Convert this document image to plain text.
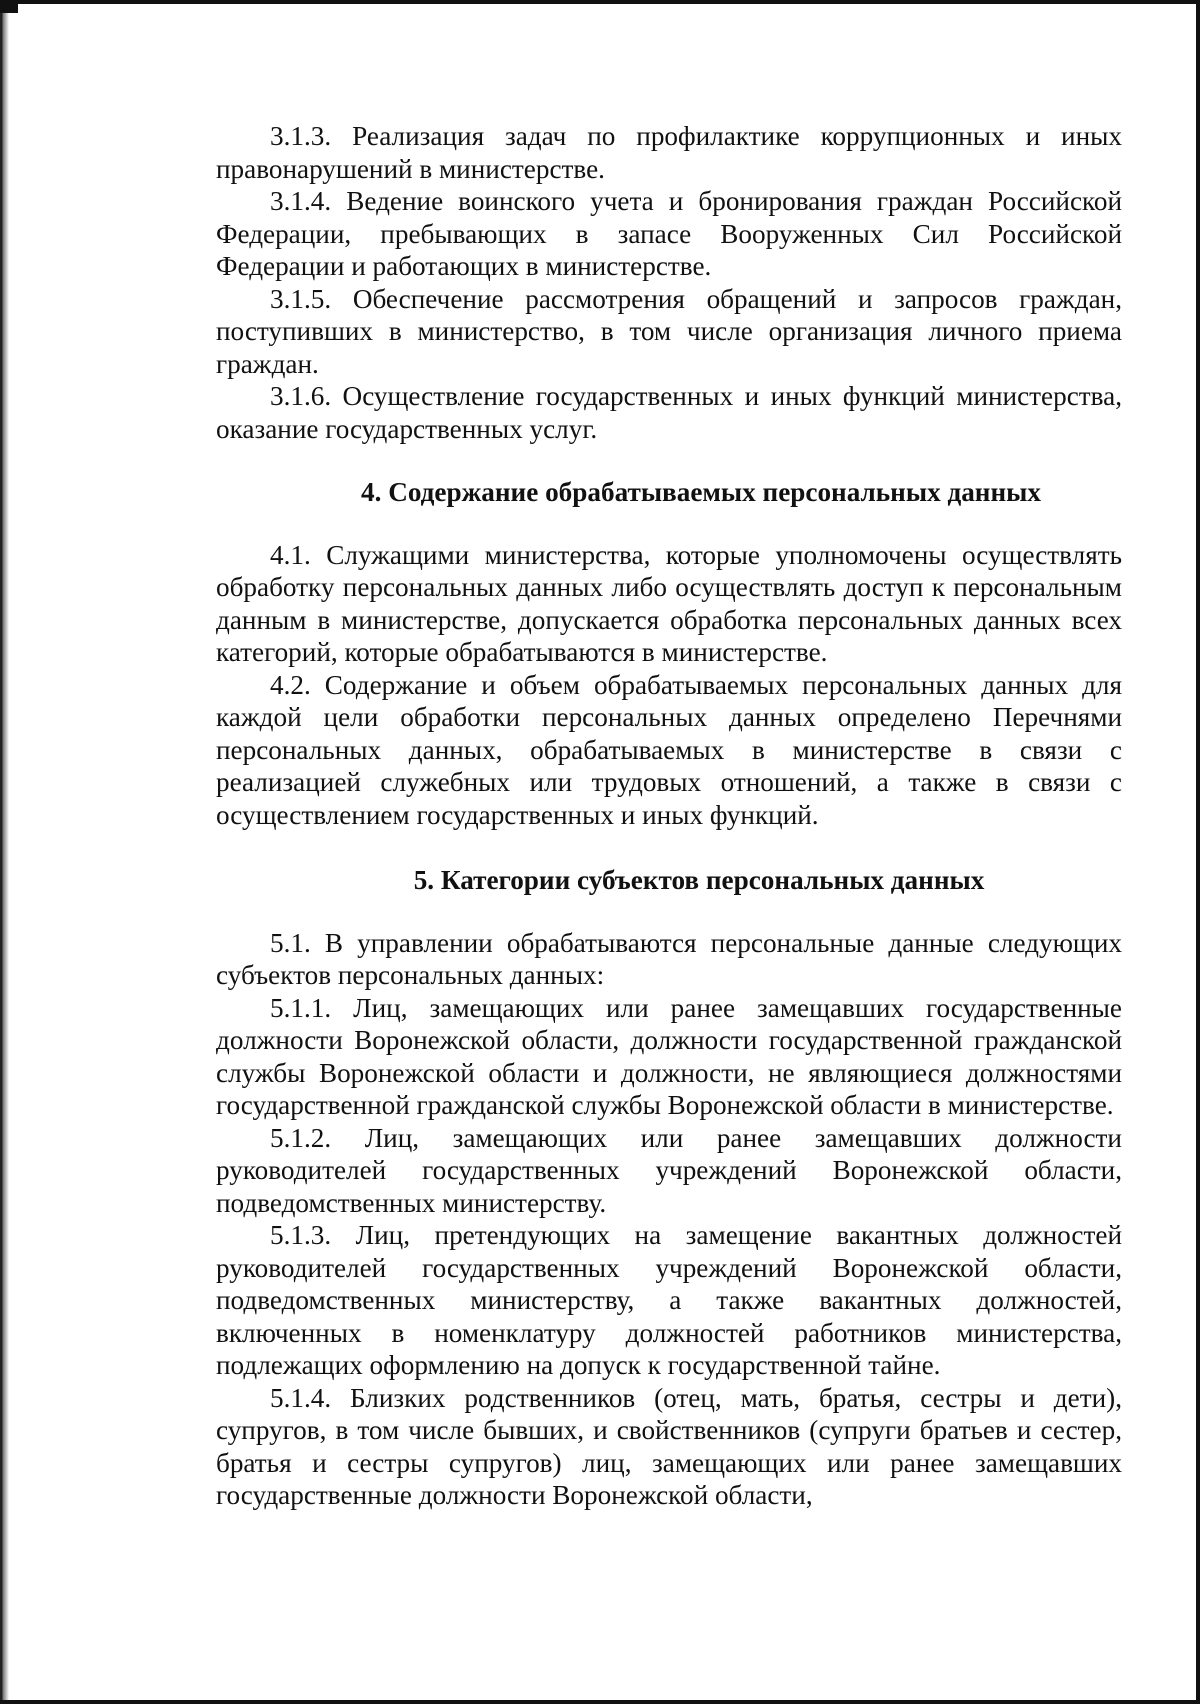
3.1.3. Реализация задач по профилактике коррупционных и иных правонарушений в министерстве.

3.1.4. Ведение воинского учета и бронирования граждан Российской Федерации, пребывающих в запасе Вооруженных Сил Российской Федерации и работающих в министерстве.

3.1.5. Обеспечение рассмотрения обращений и запросов граждан, поступивших в министерство, в том числе организация личного приема граждан.

3.1.6. Осуществление государственных и иных функций министерства, оказание государственных услуг.

4. Содержание обрабатываемых персональных данных

4.1. Служащими министерства, которые уполномочены осуществлять обработку персональных данных либо осуществлять доступ к персональным данным в министерстве, допускается обработка персональных данных всех категорий, которые обрабатываются в министерстве.

4.2. Содержание и объем обрабатываемых персональных данных для каждой цели обработки персональных данных определено Перечнями персональных данных, обрабатываемых в министерстве в связи с реализацией служебных или трудовых отношений, а также в связи с осуществлением государственных и иных функций.

5. Категории субъектов персональных данных

5.1. В управлении обрабатываются персональные данные следующих субъектов персональных данных:

5.1.1. Лиц, замещающих или ранее замещавших государственные должности Воронежской области, должности государственной гражданской службы Воронежской области и должности, не являющиеся должностями государственной гражданской службы Воронежской области в министерстве.

5.1.2. Лиц, замещающих или ранее замещавших должности руководителей государственных учреждений Воронежской области, подведомственных министерству.

5.1.3. Лиц, претендующих на замещение вакантных должностей руководителей государственных учреждений Воронежской области, подведомственных министерству, а также вакантных должностей, включенных в номенклатуру должностей работников министерства, подлежащих оформлению на допуск к государственной тайне.

5.1.4. Близких родственников (отец, мать, братья, сестры и дети), супругов, в том числе бывших, и свойственников (супруги братьев и сестер, братья и сестры супругов) лиц, замещающих или ранее замещавших государственные должности Воронежской области,
